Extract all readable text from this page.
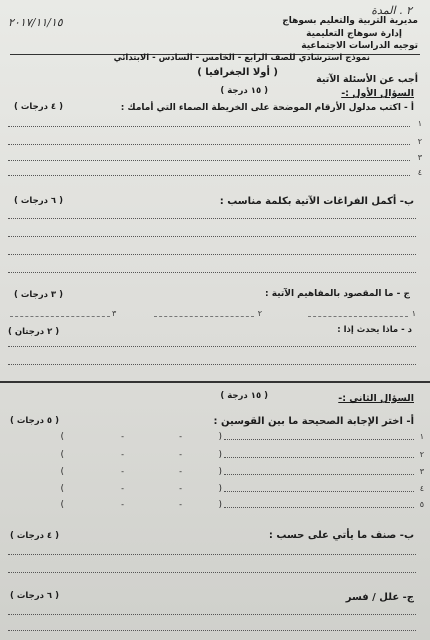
٢ . المدة
٢٠١٧/١١/١٥	مديرية التربية والتعليم بسوهاج
إدارة سوهاج التعليمية
توجيه الدراسات الاجتماعية
نموذج استرشادي للصف الرابع - الخامس - السادس - الابتدائي
( أولا الجغرافيا )
أجب عن الأسئلة الآتية
السؤال الأول :-
( ١٥ درجة )
أ - اكتب مدلول الأرقام الموضحة على الخريطة الصماء التي أمامك :
( ٤ درجات )
١
٢
٣
٤
ب- أكمل الفراغات الآتية بكلمة مناسب :
( ٦ درجات )
ج - ما المقصود بالمفاهيم الآتية :
( ٣ درجات )
١
٢
٣
د - ماذا يحدث إذا :
( ٢ درجتان )
( ١٥ درجة )	السؤال الثاني :-
أ- اختر الإجابة الصحيحة ما بين القوسين :
( ٥ درجات )
١
)
-
-
(
٢
)
-
-
(
٣
)
-
-
(
٤
)
-
-
(
٥
)
-
-
(
ب- صنف ما يأتي على حسب :
( ٤ درجات )
ج- علل / فسر
( ٦ درجات )
